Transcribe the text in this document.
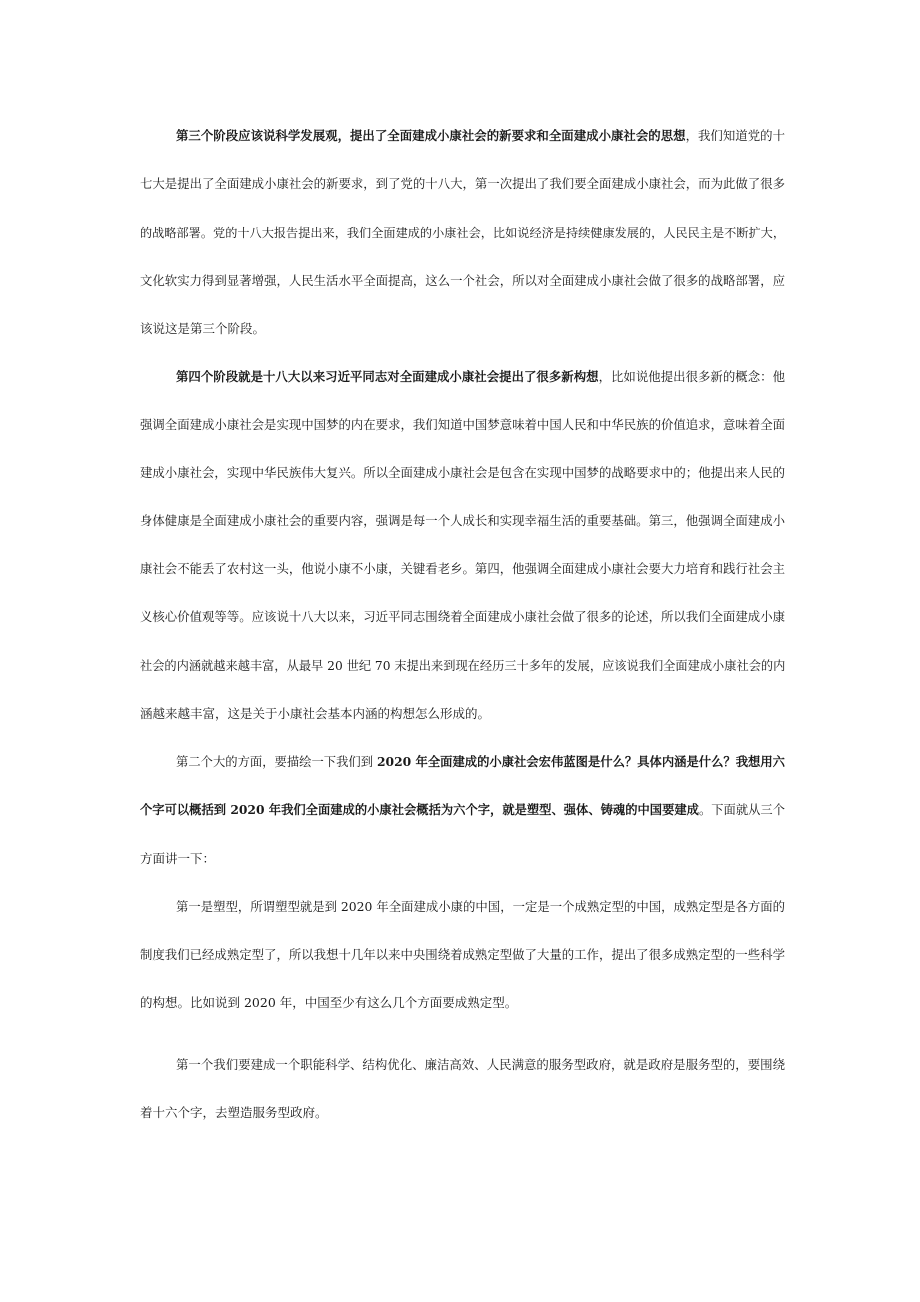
第三个阶段应该说科学发展观，提出了全面建成小康社会的新要求和全面建成小康社会的思想，我们知道党的十
七大是提出了全面建成小康社会的新要求，到了党的十八大，第一次提出了我们要全面建成小康社会，而为此做了很多
的战略部署。党的十八大报告提出来，我们全面建成的小康社会，比如说经济是持续健康发展的，人民民主是不断扩大，
文化软实力得到显著增强，人民生活水平全面提高，这么一个社会，所以对全面建成小康社会做了很多的战略部署，应
该说这是第三个阶段。
第四个阶段就是十八大以来习近平同志对全面建成小康社会提出了很多新构想，比如说他提出很多新的概念：他
强调全面建成小康社会是实现中国梦的内在要求，我们知道中国梦意味着中国人民和中华民族的价值追求，意味着全面
建成小康社会，实现中华民族伟大复兴。所以全面建成小康社会是包含在实现中国梦的战略要求中的；他提出来人民的
身体健康是全面建成小康社会的重要内容，强调是每一个人成长和实现幸福生活的重要基础。第三，他强调全面建成小
康社会不能丢了农村这一头，他说小康不小康，关键看老乡。第四，他强调全面建成小康社会要大力培育和践行社会主
义核心价值观等等。应该说十八大以来，习近平同志围绕着全面建成小康社会做了很多的论述，所以我们全面建成小康
社会的内涵就越来越丰富，从最早 20 世纪 70 末提出来到现在经历三十多年的发展，应该说我们全面建成小康社会的内
涵越来越丰富，这是关于小康社会基本内涵的构想怎么形成的。
第二个大的方面，要描绘一下我们到 2020 年全面建成的小康社会宏伟蓝图是什么？具体内涵是什么？我想用六
个字可以概括到 2020 年我们全面建成的小康社会概括为六个字，就是塑型、强体、铸魂的中国要建成。下面就从三个
方面讲一下：
第一是塑型，所谓塑型就是到 2020 年全面建成小康的中国，一定是一个成熟定型的中国，成熟定型是各方面的
制度我们已经成熟定型了，所以我想十几年以来中央围绕着成熟定型做了大量的工作，提出了很多成熟定型的一些科学
的构想。比如说到 2020 年，中国至少有这么几个方面要成熟定型。
第一个我们要建成一个职能科学、结构优化、廉洁高效、人民满意的服务型政府，就是政府是服务型的，要围绕
着十六个字，去塑造服务型政府。
